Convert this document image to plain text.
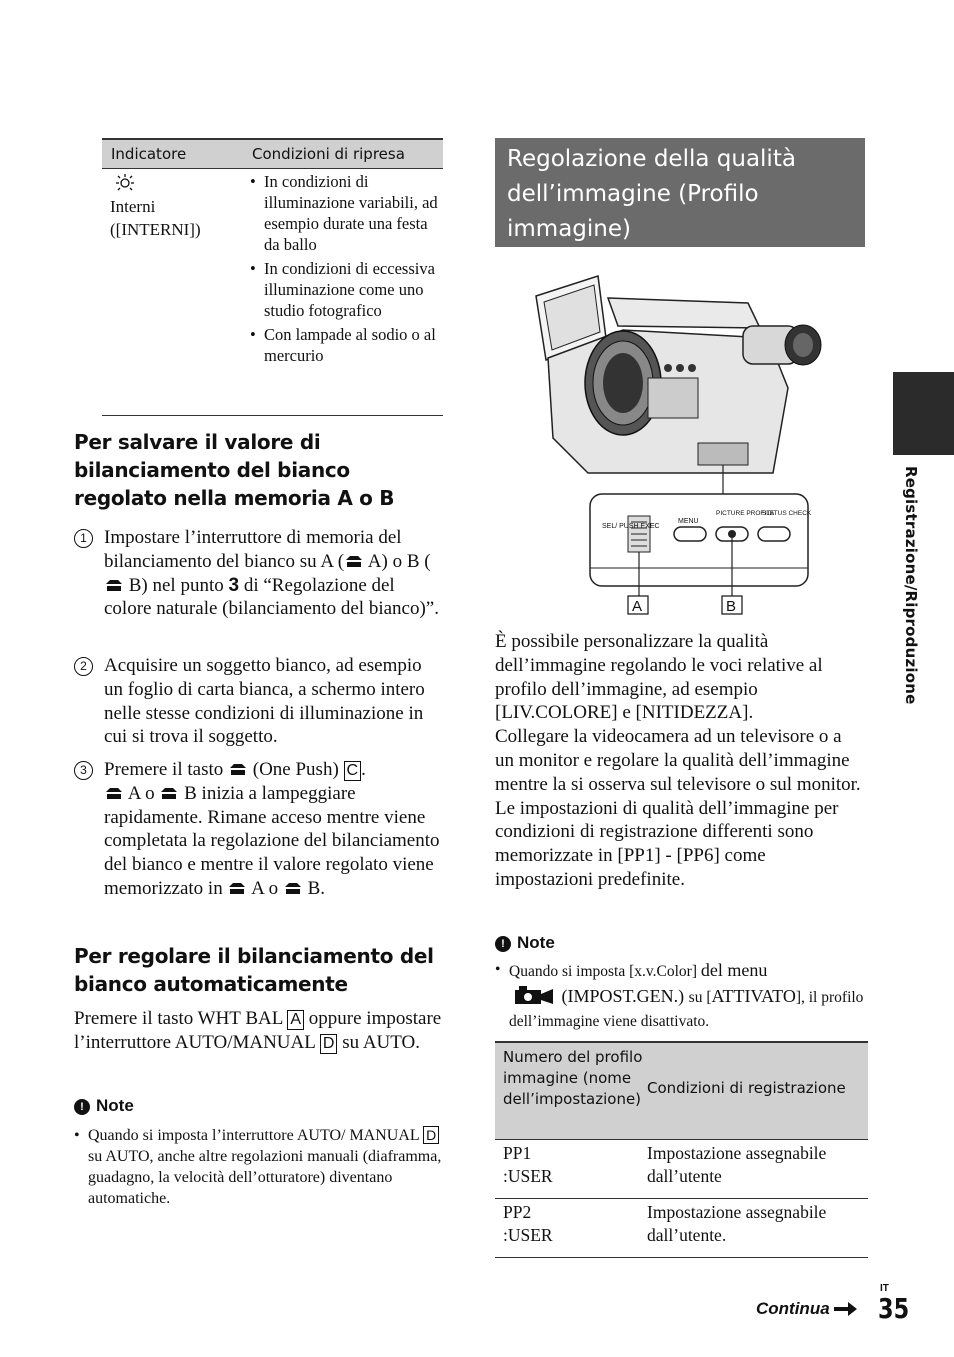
Indicatore	Condizioni di ripresa
Interni ([INTERNI])
• In condizioni di illuminazione variabili, ad esempio durate una festa da ballo
• In condizioni di eccessiva illuminazione come uno studio fotografico
• Con lampade al sodio o al mercurio
Per salvare il valore di bilanciamento del bianco regolato nella memoria A o B
1 Impostare l’interruttore di memoria del bilanciamento del bianco su A ( A) o B ( B) nel punto 3 di “Regolazione del colore naturale (bilanciamento del bianco)”.
2 Acquisire un soggetto bianco, ad esempio un foglio di carta bianca, a schermo intero nelle stesse condizioni di illuminazione in cui si trova il soggetto.
3 Premere il tasto  (One Push) C .
A o  B inizia a lampeggiare rapidamente. Rimane acceso mentre viene completata la regolazione del bilanciamento del bianco e mentre il valore regolato viene memorizzato in  A o  B.
Per regolare il bilanciamento del bianco automaticamente
Premere il tasto WHT BAL A oppure impostare l’interruttore AUTO/MANUAL D su AUTO.
! Note
• Quando si imposta l’interruttore AUTO/ MANUAL D su AUTO, anche altre regolazioni manuali (diaframma, guadagno, la velocità dell’otturatore) diventano automatiche.
Regolazione della qualità dell’immagine (Profilo immagine)
SEL/ PUSH EXEC
MENU
PICTURE PROFILE
STATUS CHECK
A	B
È possibile personalizzare la qualità dell’immagine regolando le voci relative al profilo dell’immagine, ad esempio [LIV.COLORE] e [NITIDEZZA].
Collegare la videocamera ad un televisore o a un monitor e regolare la qualità dell’immagine mentre la si osserva sul televisore o sul monitor.
Le impostazioni di qualità dell’immagine per condizioni di registrazione differenti sono memorizzate in [PP1] - [PP6] come impostazioni predefinite.
! Note
• Quando si imposta [x.v.Color] del menu
(IMPOST.GEN.) su [ATTIVATO], il profilo dell’immagine viene disattivato.
Numero del profilo immagine (nome dell’impostazione)
Condizioni di registrazione
PP1 :USER
Impostazione assegnabile dall’utente
PP2 :USER
Impostazione assegnabile dall’utente.
Registrazione/Riproduzione
Continua
IT
35
